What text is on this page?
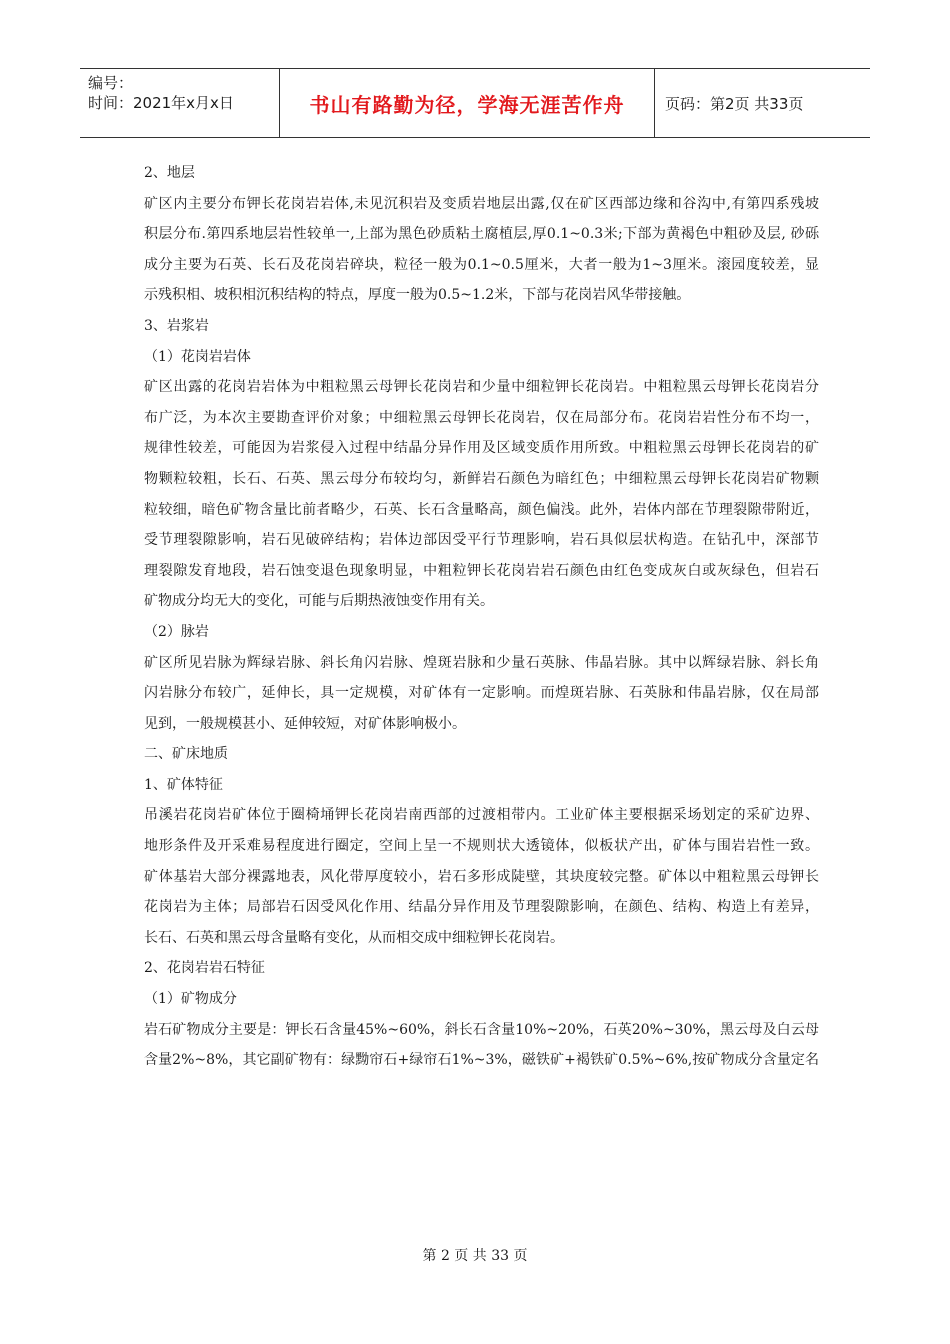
编号：
时间：2021年x月x日	书山有路勤为径，学海无涯苦作舟	页码：第2页 共33页
2、地层
矿区内主要分布钾长花岗岩岩体,未见沉积岩及变质岩地层出露,仅在矿区西部边缘和谷沟中,有第四系残坡
积层分布.第四系地层岩性较单一,上部为黑色砂质粘土腐植层,厚0.1~0.3米;下部为黄褐色中粗砂及层, 砂砾
成分主要为石英、长石及花岗岩碎块，粒径一般为0.1~0.5厘米，大者一般为1~3厘米。滚园度较差，显
示残积相、坡积相沉积结构的特点，厚度一般为0.5~1.2米，下部与花岗岩风华带接触。
3、岩浆岩
（1）花岗岩岩体
矿区出露的花岗岩岩体为中粗粒黑云母钾长花岗岩和少量中细粒钾长花岗岩。中粗粒黑云母钾长花岗岩分
布广泛，为本次主要勘查评价对象；中细粒黑云母钾长花岗岩，仅在局部分布。花岗岩岩性分布不均一，
规律性较差，可能因为岩浆侵入过程中结晶分异作用及区域变质作用所致。中粗粒黑云母钾长花岗岩的矿
物颗粒较粗，长石、石英、黑云母分布较均匀，新鲜岩石颜色为暗红色；中细粒黑云母钾长花岗岩矿物颗
粒较细，暗色矿物含量比前者略少，石英、长石含量略高，颜色偏浅。此外，岩体内部在节理裂隙带附近，
受节理裂隙影响，岩石见破碎结构；岩体边部因受平行节理影响，岩石具似层状构造。在钻孔中，深部节
理裂隙发育地段，岩石蚀变退色现象明显，中粗粒钾长花岗岩岩石颜色由红色变成灰白或灰绿色，但岩石
矿物成分均无大的变化，可能与后期热液蚀变作用有关。
（2）脉岩
矿区所见岩脉为辉绿岩脉、斜长角闪岩脉、煌斑岩脉和少量石英脉、伟晶岩脉。其中以辉绿岩脉、斜长角
闪岩脉分布较广，延伸长，具一定规模，对矿体有一定影响。而煌斑岩脉、石英脉和伟晶岩脉，仅在局部
见到，一般规模甚小、延伸较短，对矿体影响极小。
二、矿床地质
1、矿体特征
吊溪岩花岗岩矿体位于圈椅埇钾长花岗岩南西部的过渡相带内。工业矿体主要根据采场划定的采矿边界、
地形条件及开采难易程度进行圈定，空间上呈一不规则状大透镜体，似板状产出，矿体与围岩岩性一致。
矿体基岩大部分裸露地表，风化带厚度较小，岩石多形成陡壁，其块度较完整。矿体以中粗粒黑云母钾长
花岗岩为主体；局部岩石因受风化作用、结晶分异作用及节理裂隙影响，在颜色、结构、构造上有差异，
长石、石英和黑云母含量略有变化，从而相交成中细粒钾长花岗岩。
2、花岗岩岩石特征
（1）矿物成分
岩石矿物成分主要是：钾长石含量45%~60%，斜长石含量10%~20%，石英20%~30%，黑云母及白云母
含量2%~8%，其它副矿物有：绿黝帘石+绿帘石1%~3%，磁铁矿+褐铁矿0.5%~6%,按矿物成分含量定名
第 2 页 共 33 页
